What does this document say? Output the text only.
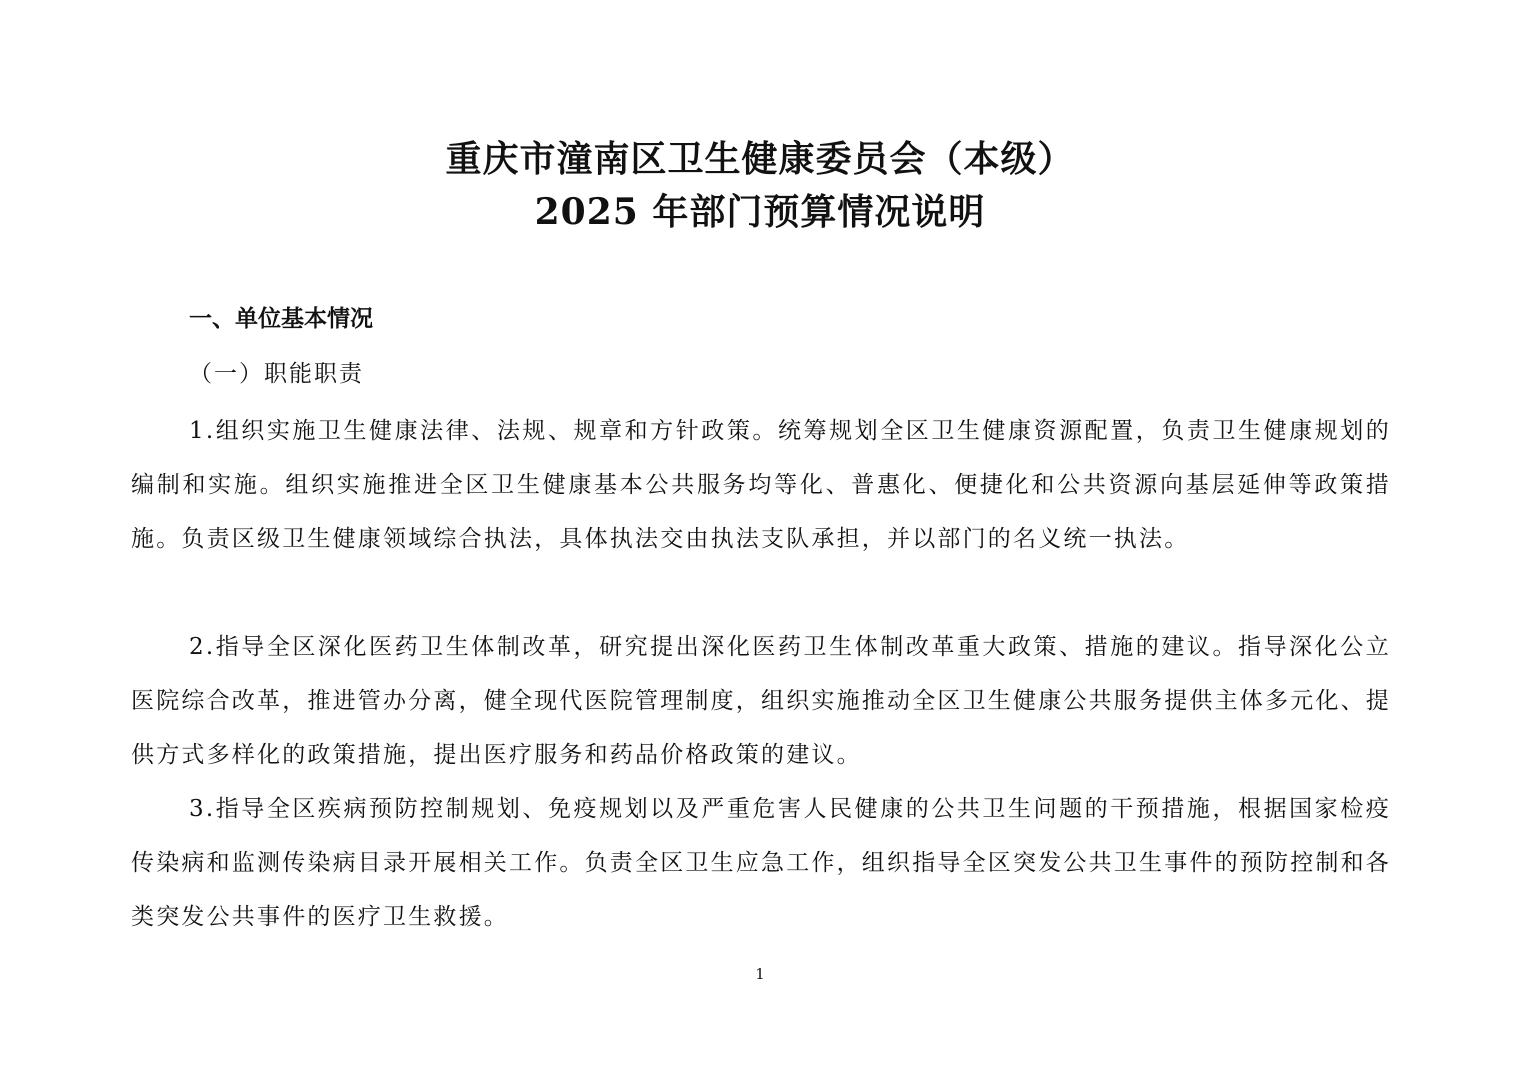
重庆市潼南区卫生健康委员会（本级）
2025 年部门预算情况说明
一、单位基本情况
（一）职能职责
1.组织实施卫生健康法律、法规、规章和方针政策。统筹规划全区卫生健康资源配置，负责卫生健康规划的编制和实施。组织实施推进全区卫生健康基本公共服务均等化、普惠化、便捷化和公共资源向基层延伸等政策措施。负责区级卫生健康领域综合执法，具体执法交由执法支队承担，并以部门的名义统一执法。
2.指导全区深化医药卫生体制改革，研究提出深化医药卫生体制改革重大政策、措施的建议。指导深化公立医院综合改革，推进管办分离，健全现代医院管理制度，组织实施推动全区卫生健康公共服务提供主体多元化、提供方式多样化的政策措施，提出医疗服务和药品价格政策的建议。
3.指导全区疾病预防控制规划、免疫规划以及严重危害人民健康的公共卫生问题的干预措施，根据国家检疫传染病和监测传染病目录开展相关工作。负责全区卫生应急工作，组织指导全区突发公共卫生事件的预防控制和各类突发公共事件的医疗卫生救援。
1
